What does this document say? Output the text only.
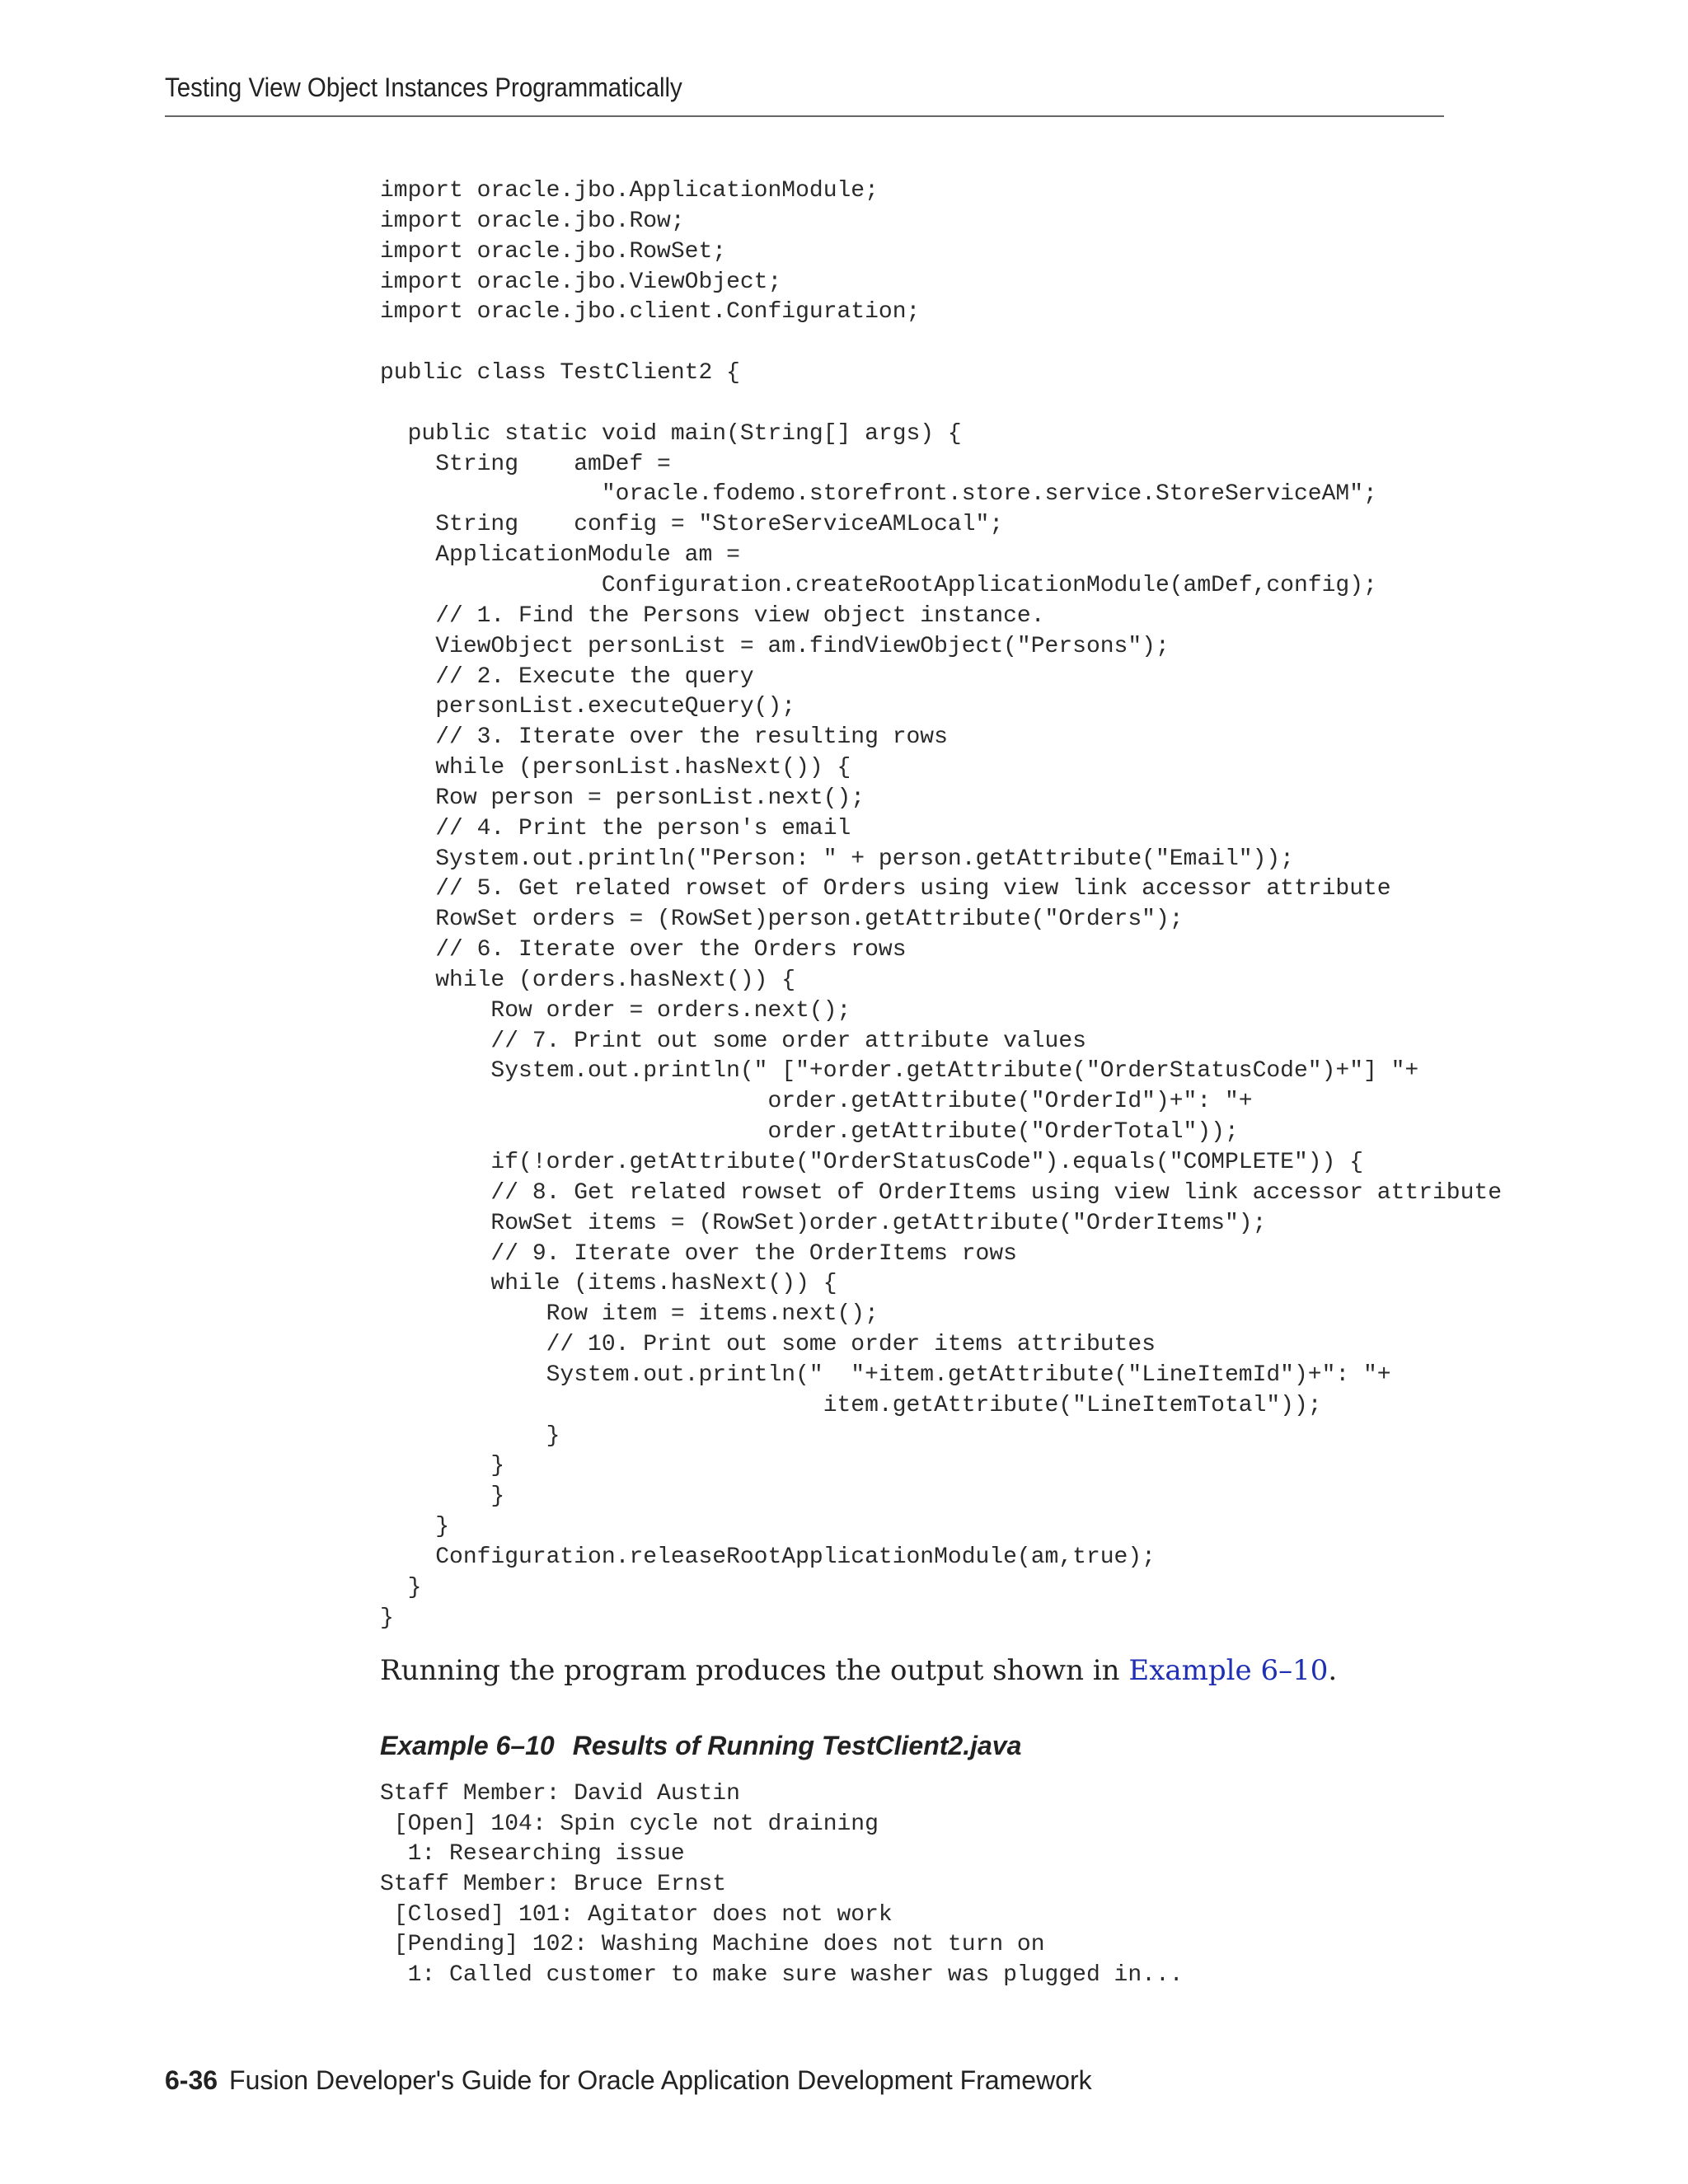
Testing View Object Instances Programmatically
import oracle.jbo.ApplicationModule;
import oracle.jbo.Row;
import oracle.jbo.RowSet;
import oracle.jbo.ViewObject;
import oracle.jbo.client.Configuration;
public class TestClient2 {
public static void main(String[] args) {
String    amDef =
"oracle.fodemo.storefront.store.service.StoreServiceAM";
String    config = "StoreServiceAMLocal";
ApplicationModule am =
Configuration.createRootApplicationModule(amDef,config);
// 1. Find the Persons view object instance.
ViewObject personList = am.findViewObject("Persons");
// 2. Execute the query
personList.executeQuery();
// 3. Iterate over the resulting rows
while (personList.hasNext()) {
Row person = personList.next();
// 4. Print the person's email
System.out.println("Person: " + person.getAttribute("Email"));
// 5. Get related rowset of Orders using view link accessor attribute
RowSet orders = (RowSet)person.getAttribute("Orders");
// 6. Iterate over the Orders rows
while (orders.hasNext()) {
Row order = orders.next();
// 7. Print out some order attribute values
System.out.println(" ["+order.getAttribute("OrderStatusCode")+"] "+
order.getAttribute("OrderId")+": "+
order.getAttribute("OrderTotal"));
if(!order.getAttribute("OrderStatusCode").equals("COMPLETE")) {
// 8. Get related rowset of OrderItems using view link accessor attribute
RowSet items = (RowSet)order.getAttribute("OrderItems");
// 9. Iterate over the OrderItems rows
while (items.hasNext()) {
Row item = items.next();
// 10. Print out some order items attributes
System.out.println("  "+item.getAttribute("LineItemId")+": "+
item.getAttribute("LineItemTotal"));
}
}
}
}
Configuration.releaseRootApplicationModule(am,true);
}
}
Running the program produces the output shown in Example 6–10.
Example 6–10 Results of Running TestClient2.java
Staff Member: David Austin
[Open] 104: Spin cycle not draining
1: Researching issue
Staff Member: Bruce Ernst
[Closed] 101: Agitator does not work
[Pending] 102: Washing Machine does not turn on
1: Called customer to make sure washer was plugged in...
6-36 Fusion Developer's Guide for Oracle Application Development Framework
